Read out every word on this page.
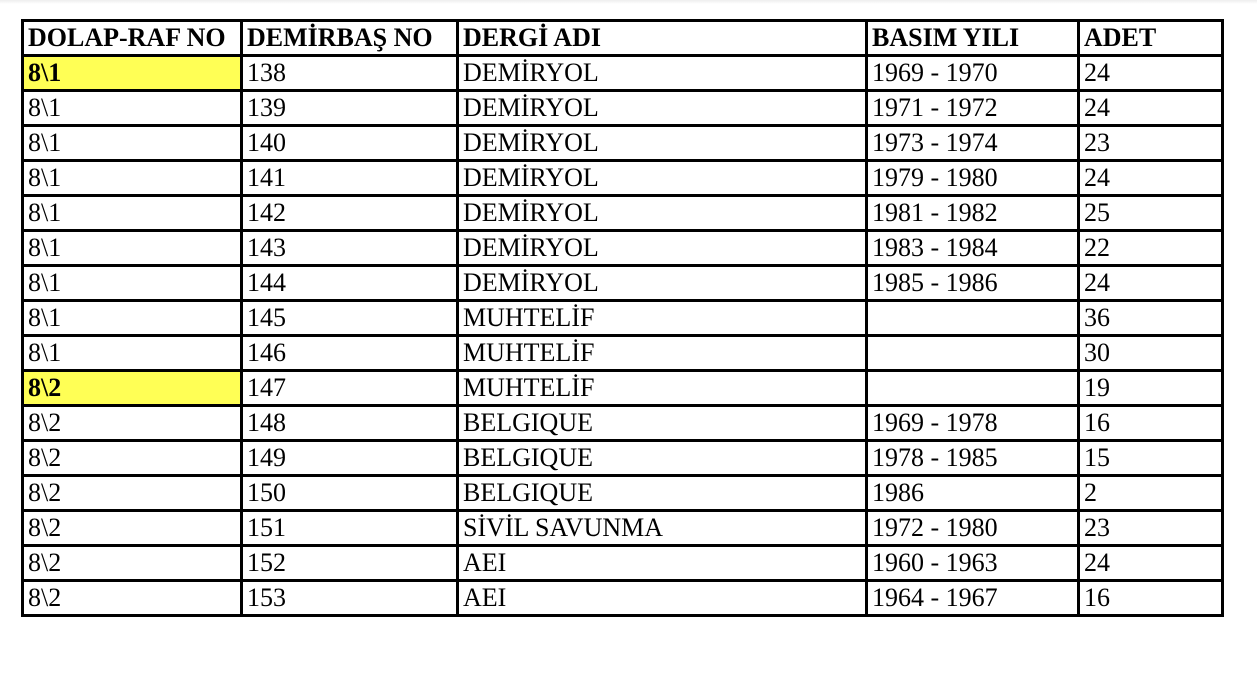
DOLAP-RAF NO	DEMİRBAŞ NO	DERGİ ADI	BASIM YILI	ADET
8\1	138	DEMİRYOL	1969 - 1970	24
8\1	139	DEMİRYOL	1971 - 1972	24
8\1	140	DEMİRYOL	1973 - 1974	23
8\1	141	DEMİRYOL	1979 - 1980	24
8\1	142	DEMİRYOL	1981 - 1982	25
8\1	143	DEMİRYOL	1983 - 1984	22
8\1	144	DEMİRYOL	1985 - 1986	24
8\1	145	MUHTELİF		36
8\1	146	MUHTELİF		30
8\2	147	MUHTELİF		19
8\2	148	BELGIQUE	1969 - 1978	16
8\2	149	BELGIQUE	1978 - 1985	15
8\2	150	BELGIQUE	1986	2
8\2	151	SİVİL SAVUNMA	1972 - 1980	23
8\2	152	AEI	1960 - 1963	24
8\2	153	AEI	1964 - 1967	16
